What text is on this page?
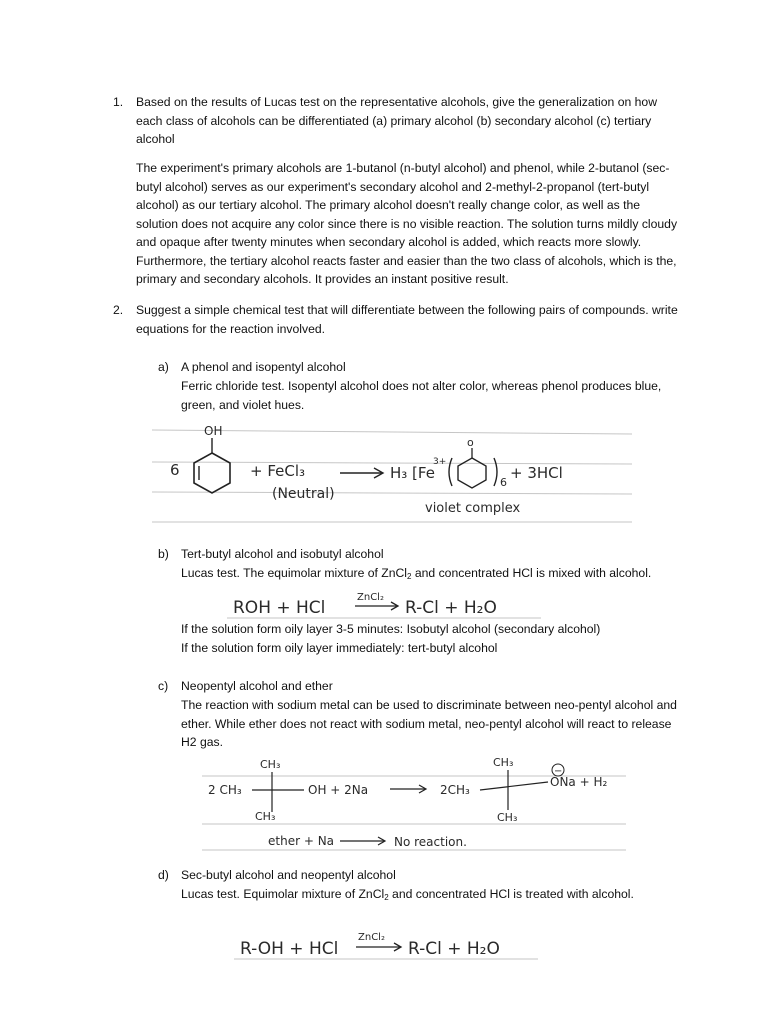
1. Based on the results of Lucas test on the representative alcohols, give the generalization on how each class of alcohols can be differentiated (a) primary alcohol (b) secondary alcohol (c) tertiary alcohol
The experiment's primary alcohols are 1-butanol (n-butyl alcohol) and phenol, while 2-butanol (sec-butyl alcohol) serves as our experiment's secondary alcohol and 2-methyl-2-propanol (tert-butyl alcohol) as our tertiary alcohol. The primary alcohol doesn't really change color, as well as the solution does not acquire any color since there is no visible reaction. The solution turns mildly cloudy and opaque after twenty minutes when secondary alcohol is added, which reacts more slowly. Furthermore, the tertiary alcohol reacts faster and easier than the two class of alcohols, which is the, primary and secondary alcohols. It provides an instant positive result.
2. Suggest a simple chemical test that will differentiate between the following pairs of compounds. write equations for the reaction involved.
a) A phenol and isopentyl alcohol
Ferric chloride test. Isopentyl alcohol does not alter color, whereas phenol produces blue, green, and violet hues.
OH
6	+ FeCl₃
(Neutral)
H₃ [Fe
3+
o
6
+ 3HCl
violet complex
b) Tert-butyl alcohol and isobutyl alcohol
Lucas test. The equimolar mixture of ZnCl$_2$ and concentrated HCl is mixed with alcohol.
ROH + HCl
ZnCl₂
R-Cl + H₂O
If the solution form oily layer 3-5 minutes: Isobutyl alcohol (secondary alcohol)
If the solution form oily layer immediately: tert-butyl alcohol
c) Neopentyl alcohol and ether
The reaction with sodium metal can be used to discriminate between neo-pentyl alcohol and ether. While ether does not react with sodium metal, neo-pentyl alcohol will react to release H2 gas.
CH₃
2 CH₃	OH + 2Na
CH₃
CH₃
2CH₃
−
ONa + H₂
CH₃
ether + Na	No reaction.
d) Sec-butyl alcohol and neopentyl alcohol
Lucas test. Equimolar mixture of ZnCl$_2$ and concentrated HCl is treated with alcohol.
R-OH + HCl
ZnCl₂
R-Cl + H₂O
